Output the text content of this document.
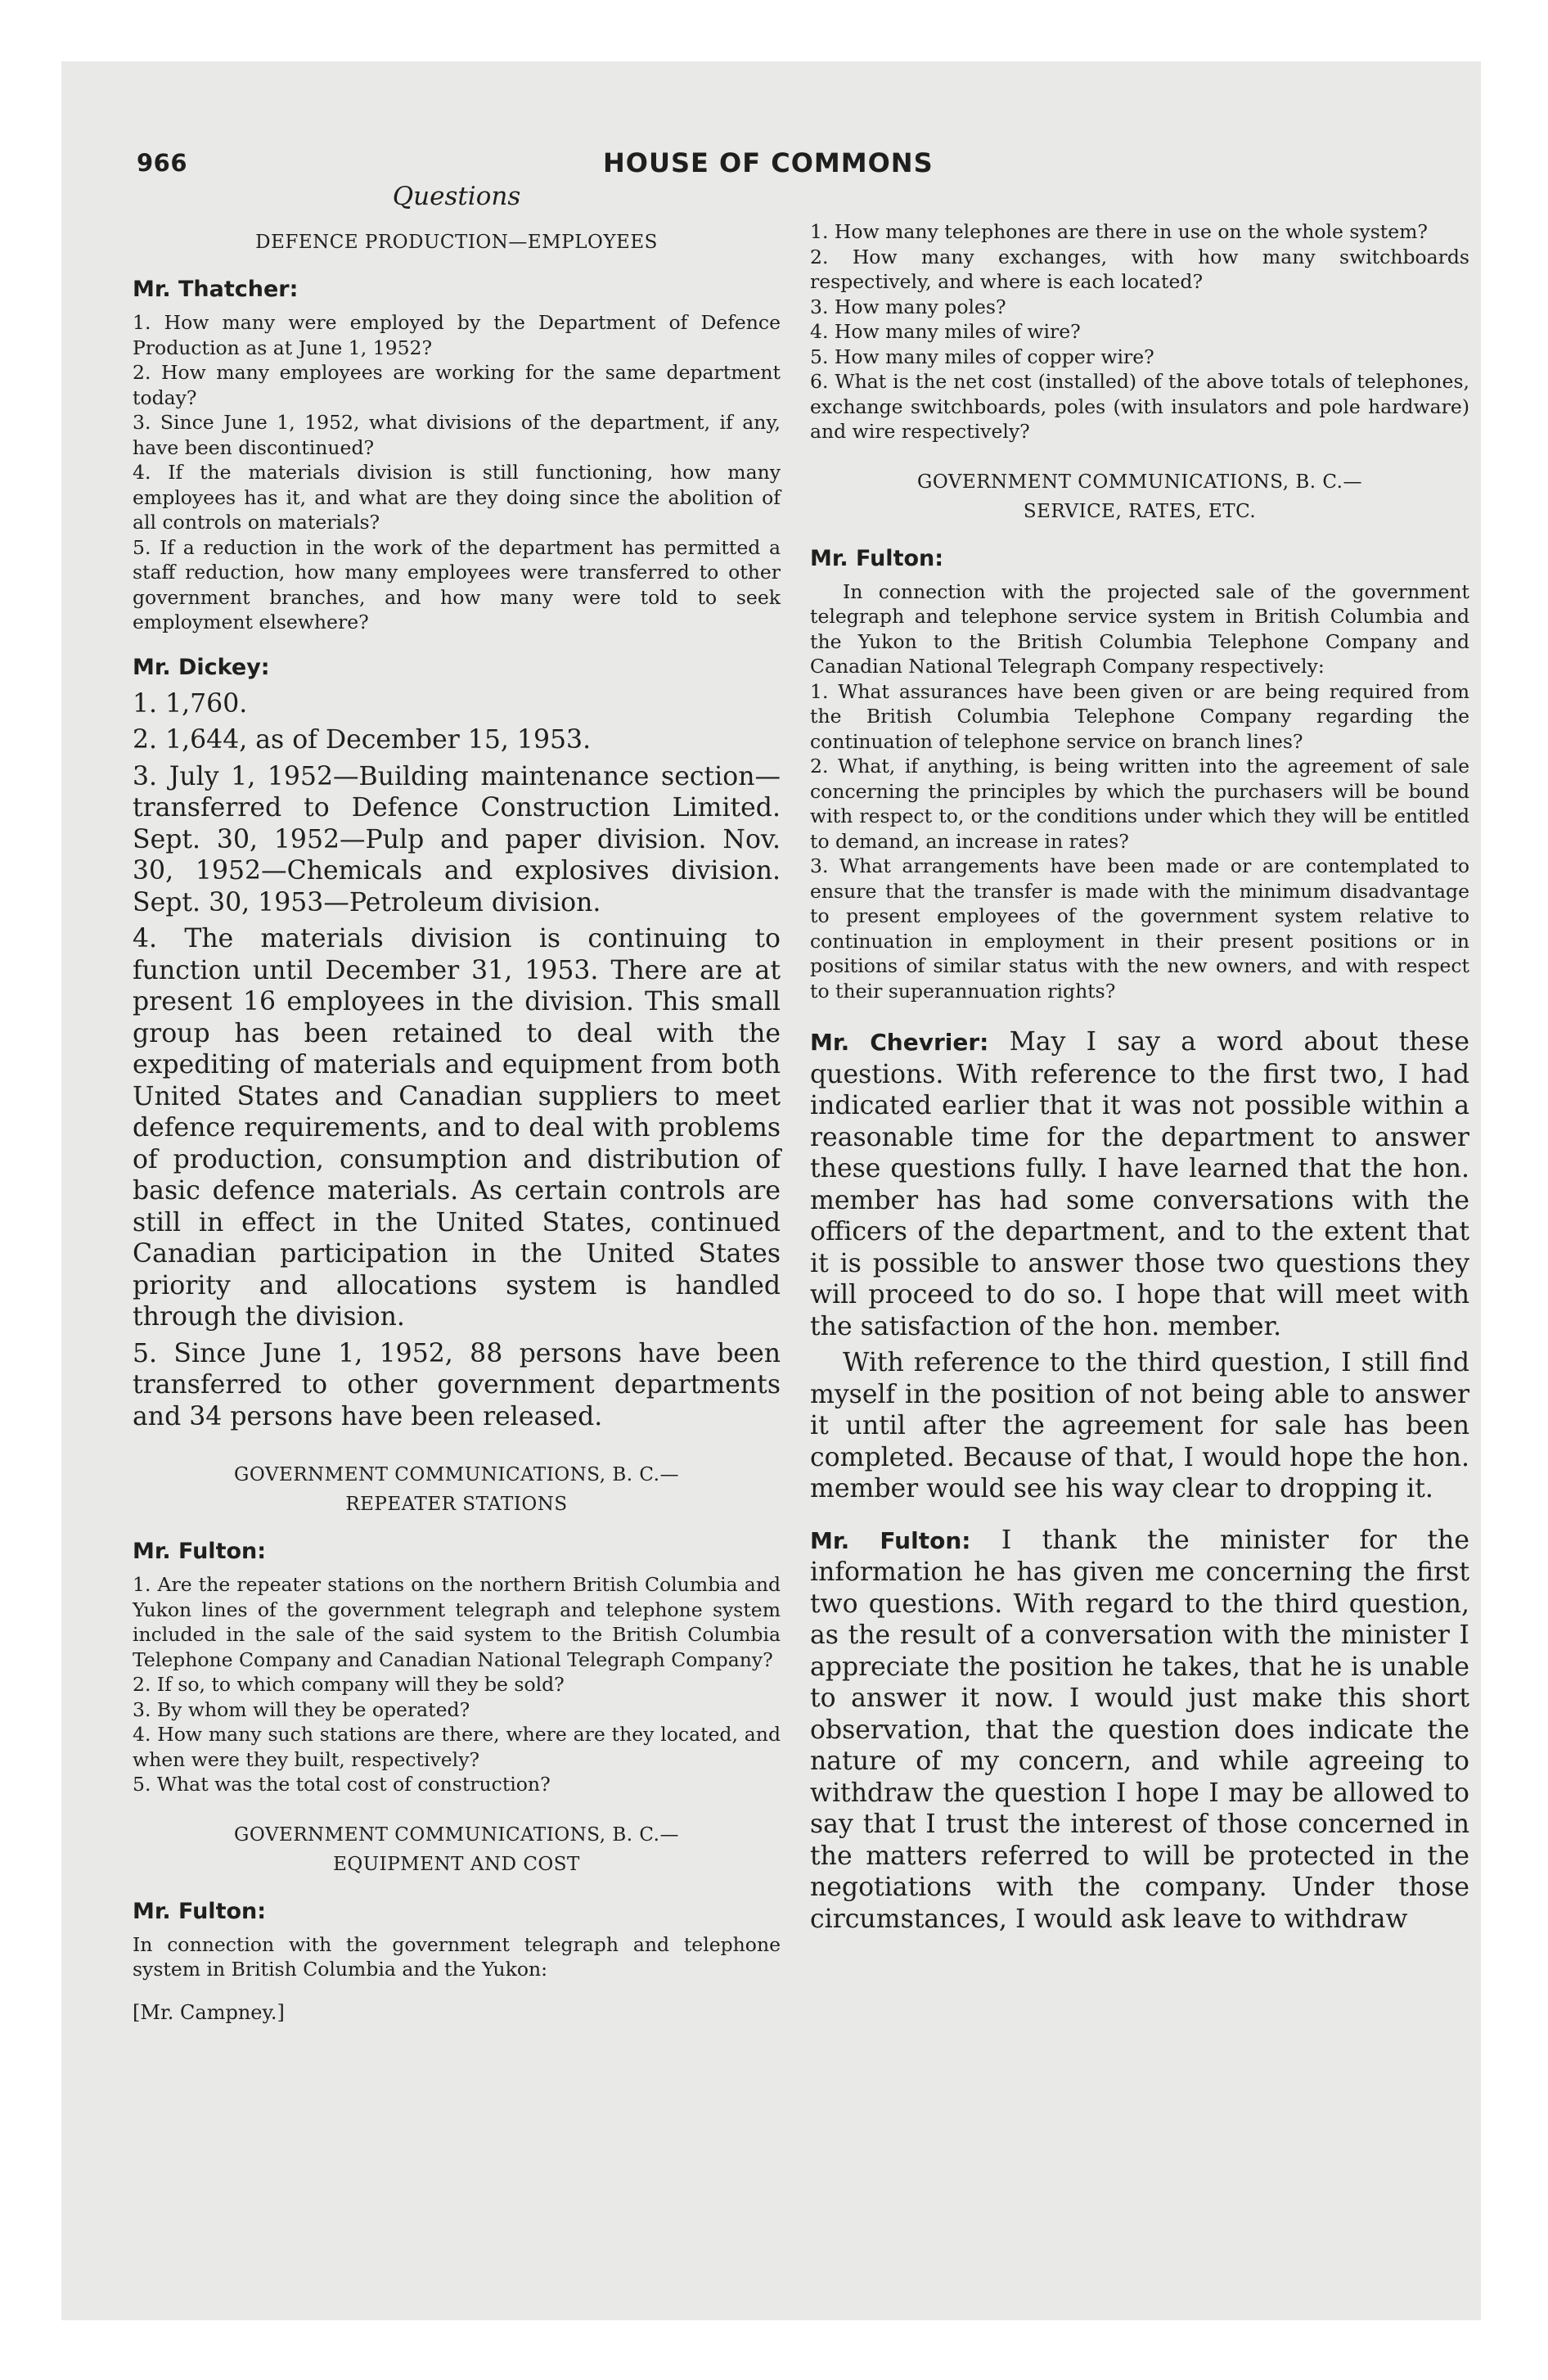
966	HOUSE OF COMMONS

Questions

DEFENCE PRODUCTION—EMPLOYEES

Mr. Thatcher:

1. How many were employed by the Department of Defence Production as at June 1, 1952?

2. How many employees are working for the same department today?

3. Since June 1, 1952, what divisions of the department, if any, have been discontinued?

4. If the materials division is still functioning, how many employees has it, and what are they doing since the abolition of all controls on materials?

5. If a reduction in the work of the department has permitted a staff reduction, how many employees were transferred to other government branches, and how many were told to seek employment elsewhere?

Mr. Dickey:

1. 1,760.

2. 1,644, as of December 15, 1953.

3. July 1, 1952—Building maintenance section—transferred to Defence Construction Limited. Sept. 30, 1952—Pulp and paper division. Nov. 30, 1952—Chemicals and explosives division. Sept. 30, 1953—Petroleum division.

4. The materials division is continuing to function until December 31, 1953. There are at present 16 employees in the division. This small group has been retained to deal with the expediting of materials and equipment from both United States and Canadian suppliers to meet defence requirements, and to deal with problems of production, consumption and distribution of basic defence materials. As certain controls are still in effect in the United States, continued Canadian participation in the United States priority and allocations system is handled through the division.

5. Since June 1, 1952, 88 persons have been transferred to other government departments and 34 persons have been released.

GOVERNMENT COMMUNICATIONS, B. C.—

REPEATER STATIONS

Mr. Fulton:

1. Are the repeater stations on the northern British Columbia and Yukon lines of the government telegraph and telephone system included in the sale of the said system to the British Columbia Telephone Company and Canadian National Telegraph Company?

2. If so, to which company will they be sold?

3. By whom will they be operated?

4. How many such stations are there, where are they located, and when were they built, respectively?

5. What was the total cost of construction?

GOVERNMENT COMMUNICATIONS, B. C.—

EQUIPMENT AND COST

Mr. Fulton:

In connection with the government telegraph and telephone system in British Columbia and the Yukon:

[Mr. Campney.]

1. How many telephones are there in use on the whole system?

2. How many exchanges, with how many switchboards respectively, and where is each located?

3. How many poles?

4. How many miles of wire?

5. How many miles of copper wire?

6. What is the net cost (installed) of the above totals of telephones, exchange switchboards, poles (with insulators and pole hardware) and wire respectively?

GOVERNMENT COMMUNICATIONS, B. C.—

SERVICE, RATES, ETC.

Mr. Fulton:

In connection with the projected sale of the government telegraph and telephone service system in British Columbia and the Yukon to the British Columbia Telephone Company and Canadian National Telegraph Company respectively:

1. What assurances have been given or are being required from the British Columbia Telephone Company regarding the continuation of telephone service on branch lines?

2. What, if anything, is being written into the agreement of sale concerning the principles by which the purchasers will be bound with respect to, or the conditions under which they will be entitled to demand, an increase in rates?

3. What arrangements have been made or are contemplated to ensure that the transfer is made with the minimum disadvantage to present employees of the government system relative to continuation in employment in their present positions or in positions of similar status with the new owners, and with respect to their superannuation rights?

Mr. Chevrier: May I say a word about these questions. With reference to the first two, I had indicated earlier that it was not possible within a reasonable time for the department to answer these questions fully. I have learned that the hon. member has had some conversations with the officers of the department, and to the extent that it is possible to answer those two questions they will proceed to do so. I hope that will meet with the satisfaction of the hon. member.

With reference to the third question, I still find myself in the position of not being able to answer it until after the agreement for sale has been completed. Because of that, I would hope the hon. member would see his way clear to dropping it.

Mr. Fulton: I thank the minister for the information he has given me concerning the first two questions. With regard to the third question, as the result of a conversation with the minister I appreciate the position he takes, that he is unable to answer it now. I would just make this short observation, that the question does indicate the nature of my concern, and while agreeing to withdraw the question I hope I may be allowed to say that I trust the interest of those concerned in the matters referred to will be protected in the negotiations with the company. Under those circumstances, I would ask leave to withdraw
